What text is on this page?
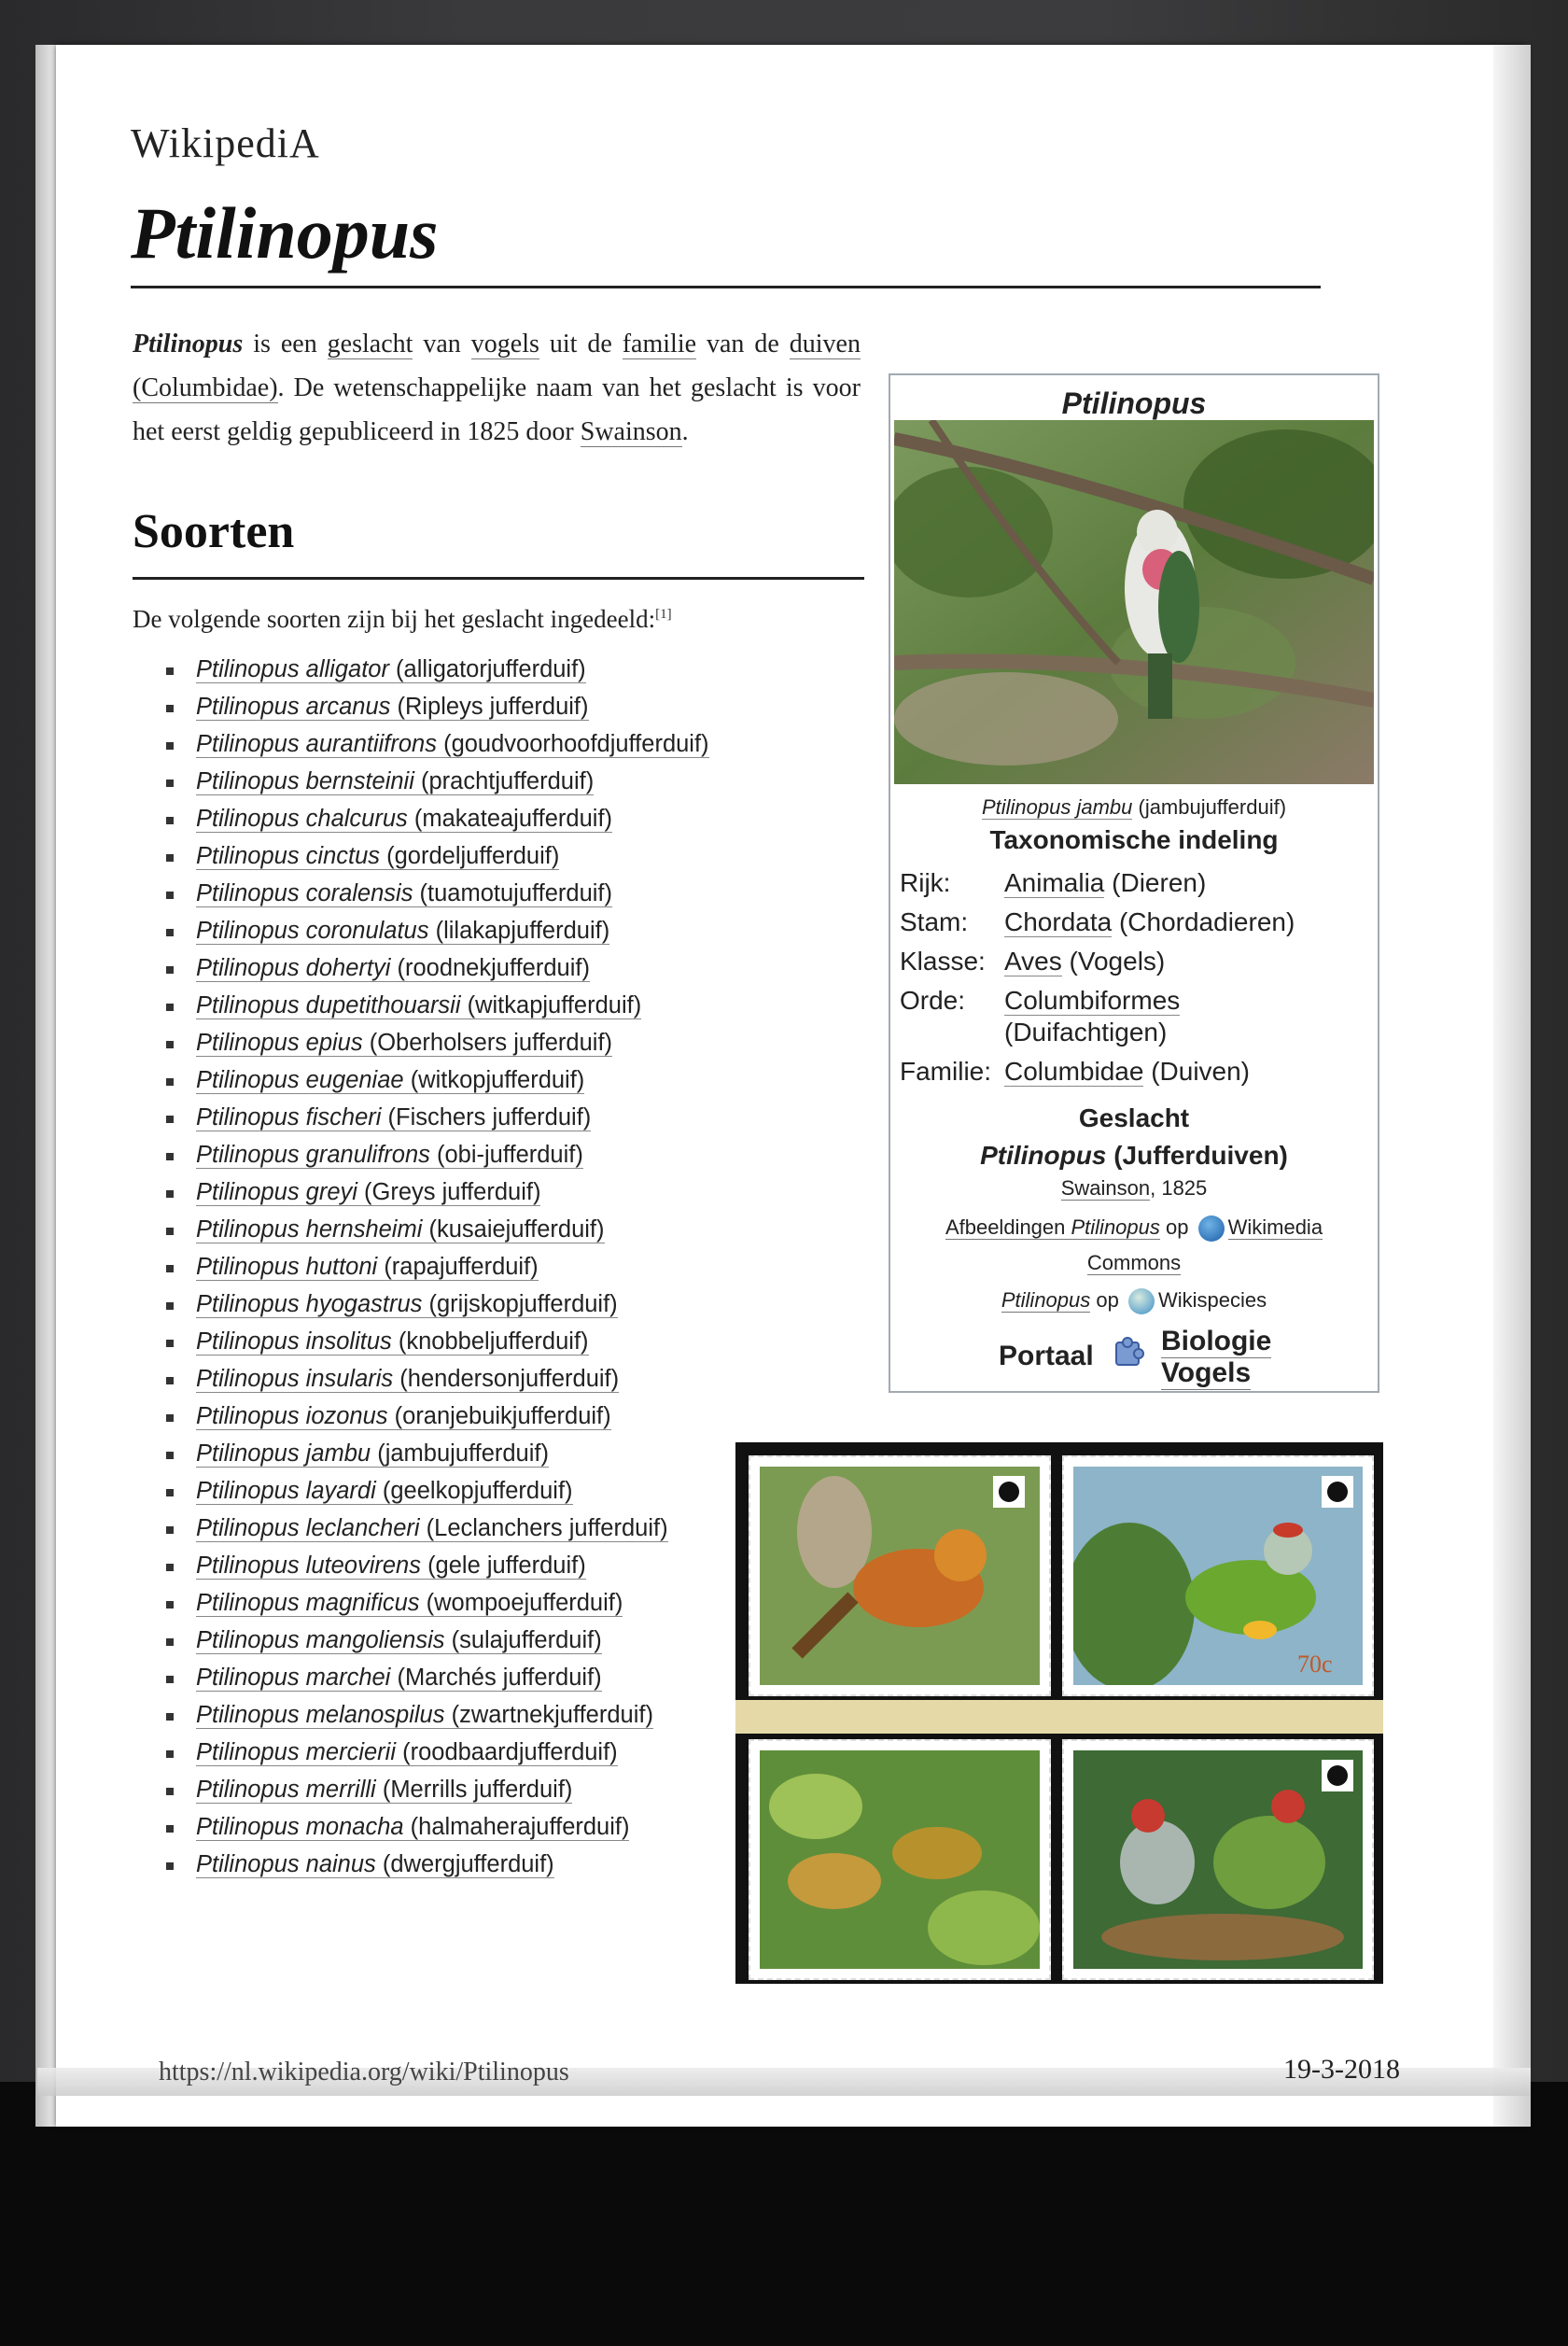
WikipediA
Ptilinopus

Ptilinopus is een geslacht van vogels uit de familie van de duiven (Columbidae). De wetenschappelijke naam van het geslacht is voor het eerst geldig gepubliceerd in 1825 door Swainson.

Soorten

De volgende soorten zijn bij het geslacht ingedeeld:[1]

Ptilinopus alligator (alligatorjufferduif)
Ptilinopus arcanus (Ripleys jufferduif)
Ptilinopus aurantiifrons (goudvoorhoofdjufferduif)
Ptilinopus bernsteinii (prachtjufferduif)
Ptilinopus chalcurus (makateajufferduif)
Ptilinopus cinctus (gordeljufferduif)
Ptilinopus coralensis (tuamotujufferduif)
Ptilinopus coronulatus (lilakapjufferduif)
Ptilinopus dohertyi (roodnekjufferduif)
Ptilinopus dupetithouarsii (witkapjufferduif)
Ptilinopus epius (Oberholsers jufferduif)
Ptilinopus eugeniae (witkopjufferduif)
Ptilinopus fischeri (Fischers jufferduif)
Ptilinopus granulifrons (obi-jufferduif)
Ptilinopus greyi (Greys jufferduif)
Ptilinopus hernsheimi (kusaiejufferduif)
Ptilinopus huttoni (rapajufferduif)
Ptilinopus hyogastrus (grijskopjufferduif)
Ptilinopus insolitus (knobbeljufferduif)
Ptilinopus insularis (hendersonjufferduif)
Ptilinopus iozonus (oranjebuikjufferduif)
Ptilinopus jambu (jambujufferduif)
Ptilinopus layardi (geelkopjufferduif)
Ptilinopus leclancheri (Leclanchers jufferduif)
Ptilinopus luteovirens (gele jufferduif)
Ptilinopus magnificus (wompoejufferduif)
Ptilinopus mangoliensis (sulajufferduif)
Ptilinopus marchei (Marchés jufferduif)
Ptilinopus melanospilus (zwartnekjufferduif)
Ptilinopus mercierii (roodbaardjufferduif)
Ptilinopus merrilli (Merrills jufferduif)
Ptilinopus monacha (halmaherajufferduif)
Ptilinopus nainus (dwergjufferduif)
Ptilinopus
Ptilinopus jambu (jambujufferduif)
Taxonomische indeling
Rijk: Animalia (Dieren)
Stam: Chordata (Chordadieren)
Klasse: Aves (Vogels)
Orde: Columbiformes
(Duifachtigen)
Familie: Columbidae (Duiven)
Geslacht
Ptilinopus (Jufferduiven)
Swainson, 1825
Afbeeldingen Ptilinopus op Wikimedia
Commons
Ptilinopus op Wikispecies
Portaal Biologie
Vogels
70c
https://nl.wikipedia.org/wiki/Ptilinopus	19-3-2018
